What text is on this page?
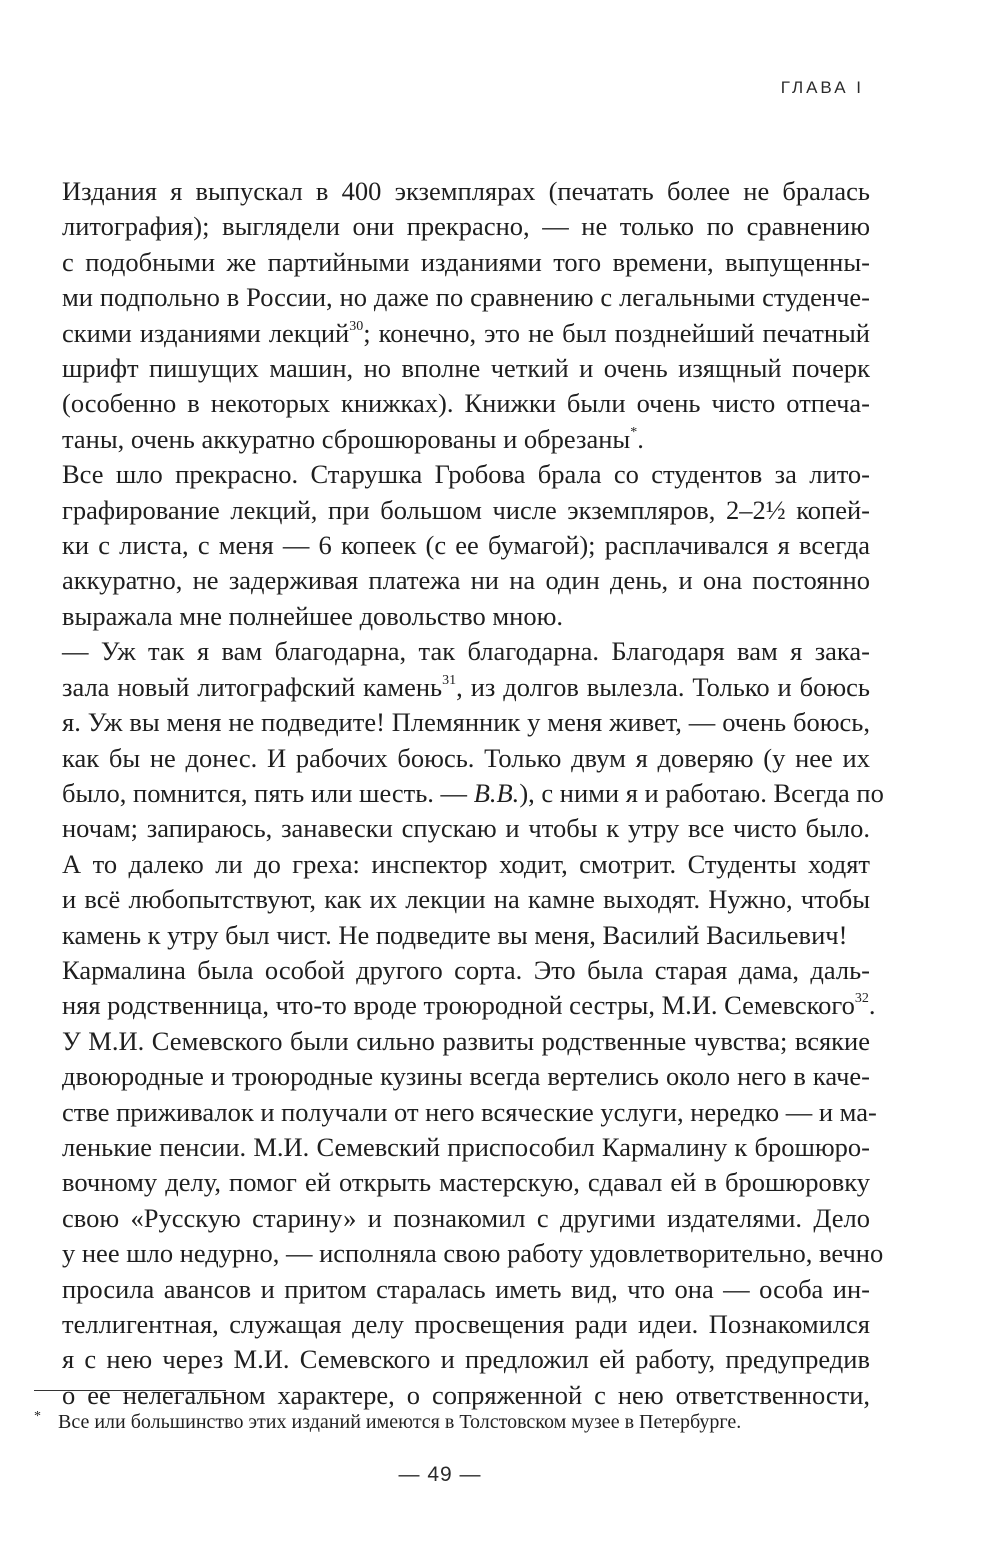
ГЛАВА I

Издания я выпускал в 400 экземплярах (печатать более не бралась
литография); выглядели они прекрасно, — не только по сравнению
с подобными же партийными изданиями того времени, выпущенны-
ми подпольно в России, но даже по сравнению с легальными студенче-
скими изданиями лекций$^{30}$; конечно, это не был позднейший печатный
шрифт пишущих машин, но вполне четкий и очень изящный почерк
(особенно в некоторых книжках). Книжки были очень чисто отпеча-
таны, очень аккуратно сброшюрованы и обрезаны*.

Все шло прекрасно. Старушка Гробова брала со студентов за лито-
графирование лекций, при большом числе экземпляров, 2–2½ копей-
ки с листа, с меня — 6 копеек (с ее бумагой); расплачивался я всегда
аккуратно, не задерживая платежа ни на один день, и она постоянно
выражала мне полнейшее довольство мною.

— Уж так я вам благодарна, так благодарна. Благодаря вам я зака-
зала новый литографский камень$^{31}$, из долгов вылезла. Только и боюсь
я. Уж вы меня не подведите! Племянник у меня живет, — очень боюсь,
как бы не донес. И рабочих боюсь. Только двум я доверяю (у нее их
было, помнится, пять или шесть. — В.В.), с ними я и работаю. Всегда по
ночам; запираюсь, занавески спускаю и чтобы к утру все чисто было.
А то далеко ли до греха: инспектор ходит, смотрит. Студенты ходят
и всё любопытствуют, как их лекции на камне выходят. Нужно, чтобы
камень к утру был чист. Не подведите вы меня, Василий Васильевич!

Кармалина была особой другого сорта. Это была старая дама, даль-
няя родственница, что-то вроде троюродной сестры, М.И. Семевского$^{32}$.
У М.И. Семевского были сильно развиты родственные чувства; всякие
двоюродные и троюродные кузины всегда вертелись около него в каче-
стве приживалок и получали от него всяческие услуги, нередко — и ма-
ленькие пенсии. М.И. Семевский приспособил Кармалину к брошюро-
вочному делу, помог ей открыть мастерскую, сдавал ей в брошюровку
свою «Русскую старину» и познакомил с другими издателями. Дело
у нее шло недурно, — исполняла свою работу удовлетворительно, вечно
просила авансов и притом старалась иметь вид, что она — особа ин-
теллигентная, служащая делу просвещения ради идеи. Познакомился
я с нею через М.И. Семевского и предложил ей работу, предупредив
о ее нелегальном характере, о сопряженной с нею ответственности,

* Все или большинство этих изданий имеются в Толстовском музее в Петербурге.
— 49 —
